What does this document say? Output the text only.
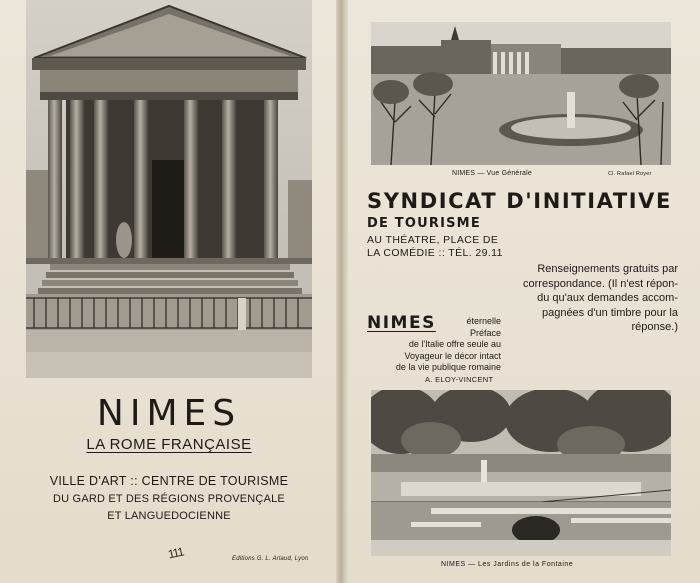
NIMES
LA ROME FRANÇAISE
VILLE D'ART :: CENTRE DE TOURISME
DU GARD ET DES RÉGIONS PROVENÇALE
ET LANGUEDOCIENNE
111	Editions G. L. Arlaud, Lyon
NIMES — Vue Générale	Cl. Rafael Royer
SYNDICAT D'INITIATIVE
DE TOURISME
AU THÉATRE, PLACE DE
LA COMÉDIE :: TÉL. 29.11
Renseignements gratuits par
correspondance. (Il n'est répon-
du qu'aux demandes accom-
pagnées d'un timbre pour la
réponse.)
NIMES	éternelle
Préface
de l'Italie offre seule au
Voyageur le décor intact
de la vie publique romaine
A. ELOY-VINCENT
NIMES — Les Jardins de la Fontaine
